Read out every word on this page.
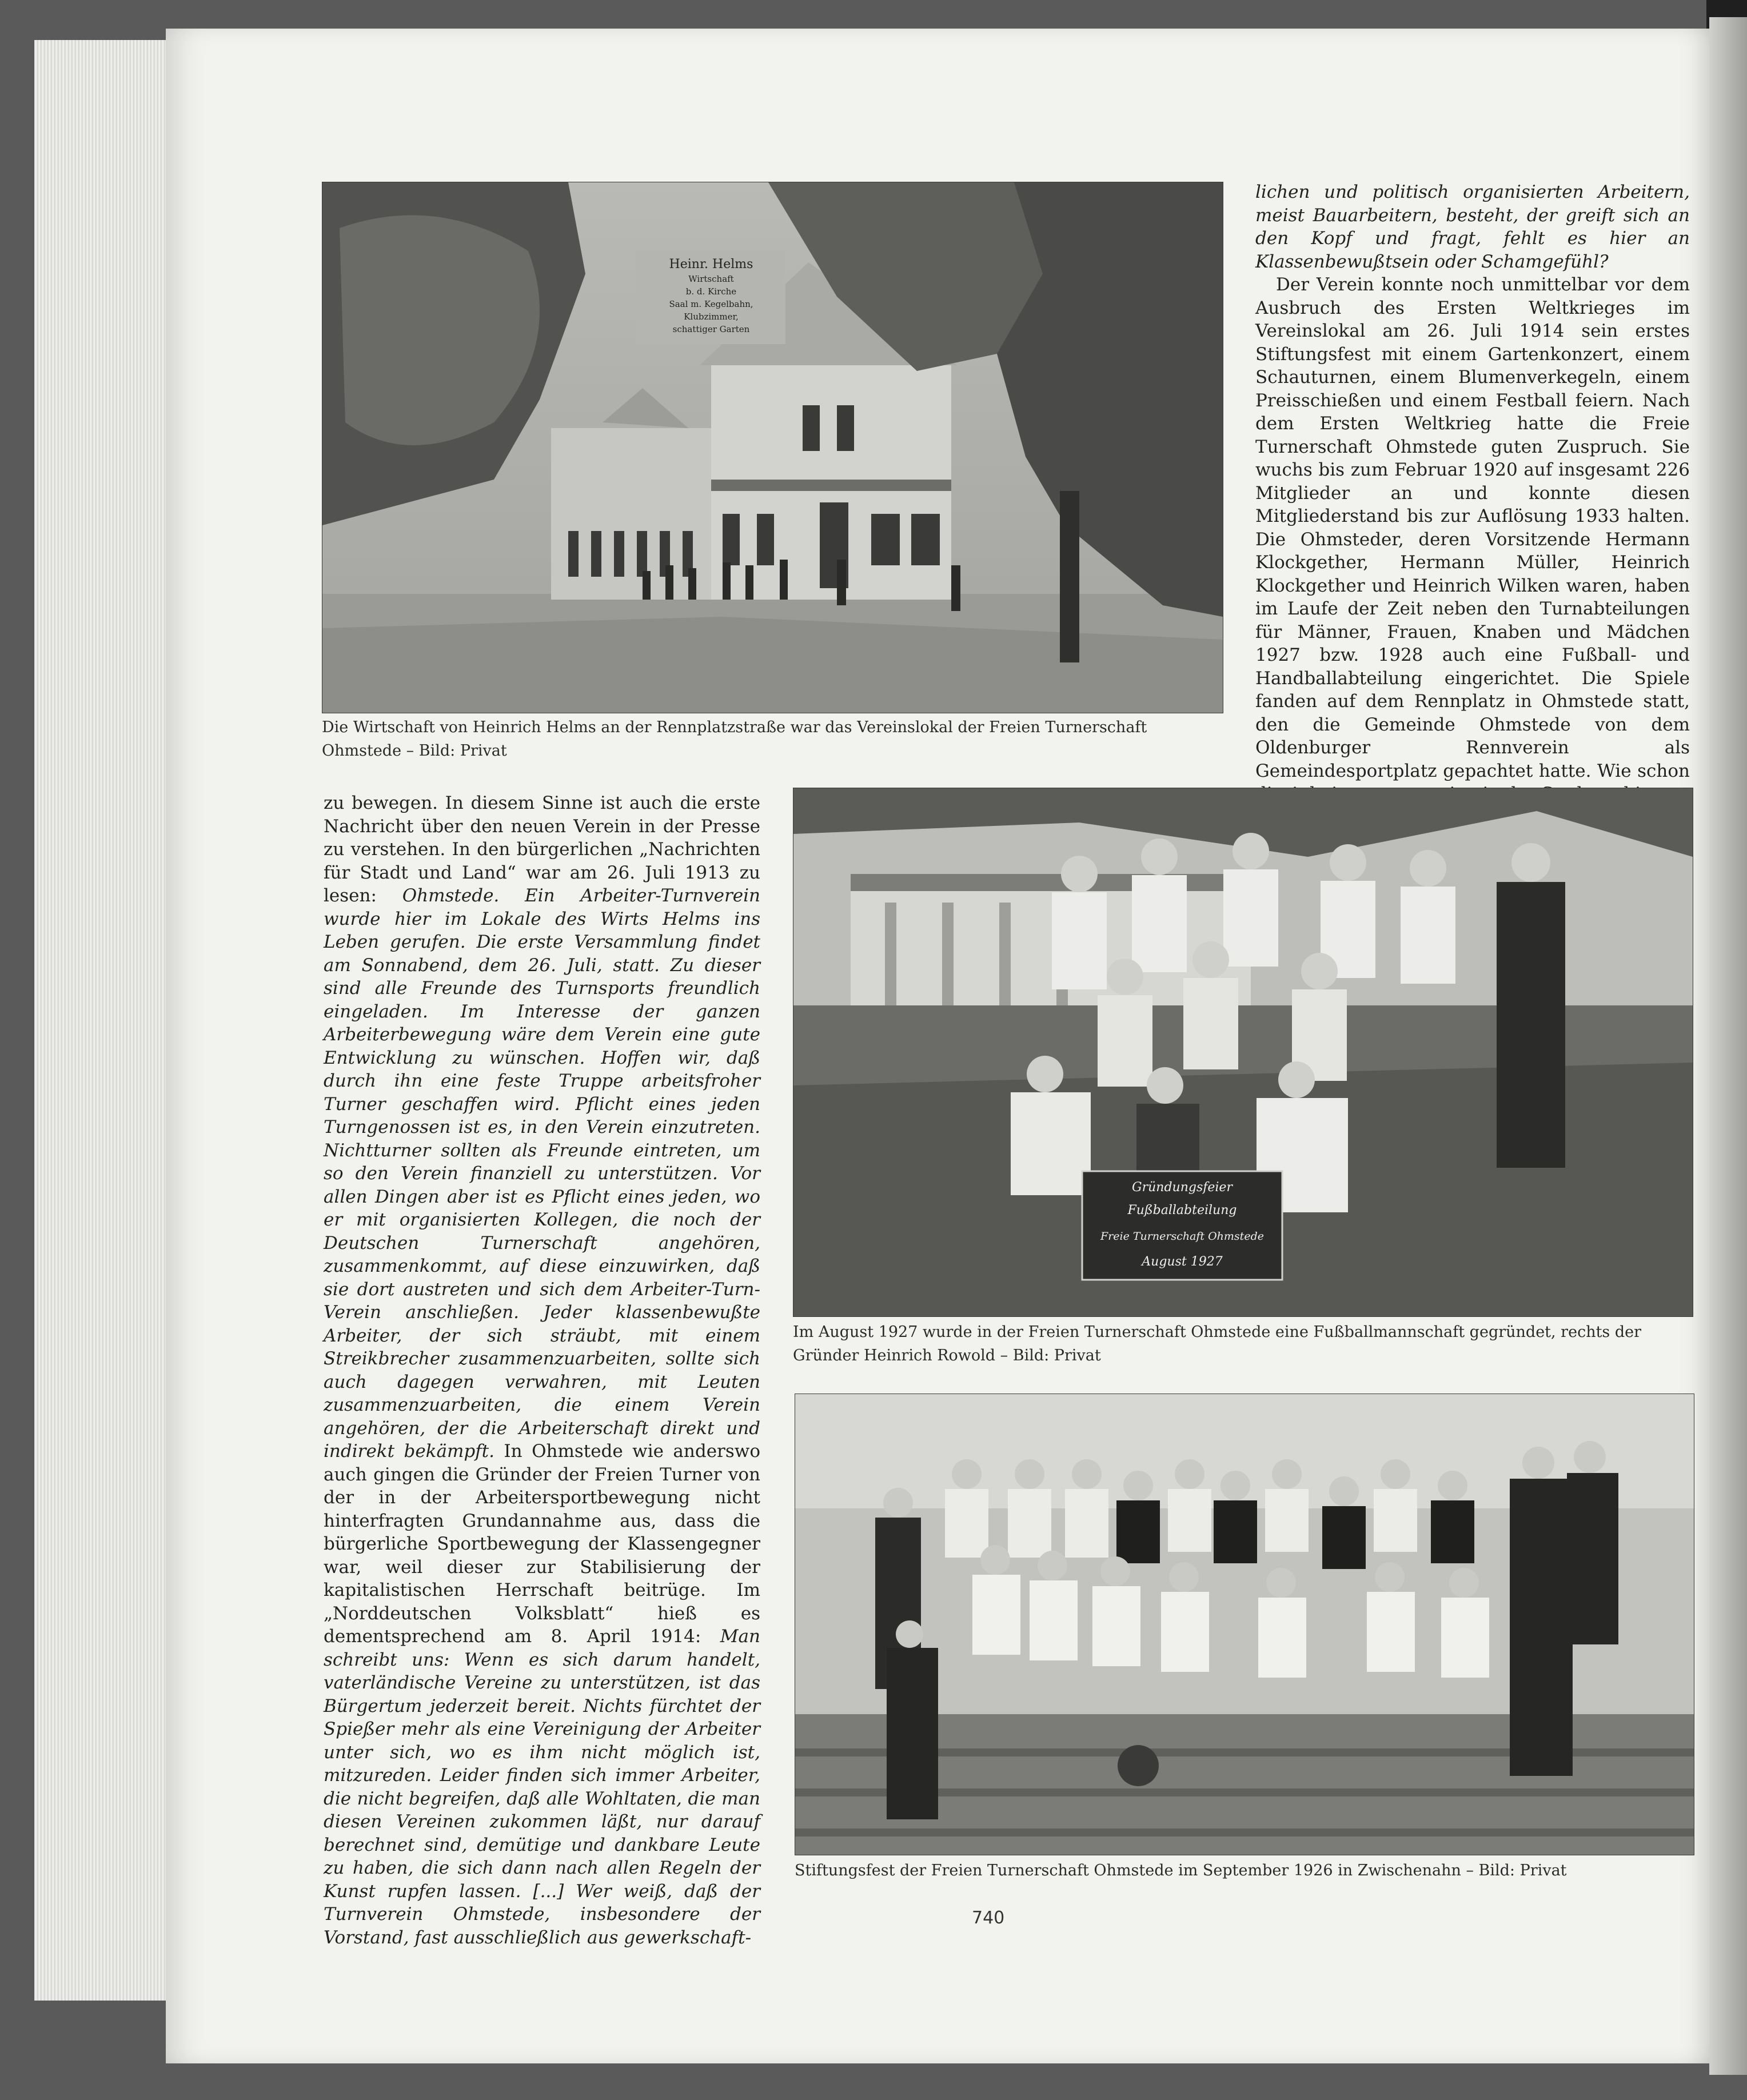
Heinr. Helms
Wirtschaft
b. d. Kirche
Saal m. Kegelbahn,
Klubzimmer,
schattiger Garten

Die Wirtschaft von Heinrich Helms an der Rennplatzstraße war das Vereinslokal der Freien Turnerschaft Ohmstede – Bild: Privat

lichen und politisch organisierten Arbeitern, meist Bauarbeitern, besteht, der greift sich an den Kopf und fragt, fehlt es hier an Klassenbewußtsein oder Schamgefühl?

Der Verein konnte noch unmittelbar vor dem Ausbruch des Ersten Weltkrieges im Vereinslokal am 26. Juli 1914 sein erstes Stiftungsfest mit einem Gartenkonzert, einem Schauturnen, einem Blumenverkegeln, einem Preisschießen und einem Festball feiern. Nach dem Ersten Weltkrieg hatte die Freie Turnerschaft Ohmstede guten Zuspruch. Sie wuchs bis zum Februar 1920 auf insgesamt 226 Mitglieder an und konnte diesen Mitgliederstand bis zur Auflösung 1933 halten. Die Ohmsteder, deren Vorsitzende Hermann Klockgether, Hermann Müller, Heinrich Klockgether und Heinrich Wilken waren, haben im Laufe der Zeit neben den Turnabteilungen für Männer, Frauen, Knaben und Mädchen 1927 bzw. 1928 auch eine Fußball- und Handballabteilung eingerichtet. Die Spiele fanden auf dem Rennplatz in Ohmstede statt, den die Gemeinde Ohmstede von dem Oldenburger Rennverein als Gemeindesportplatz gepachtet hatte. Wie schon

Gründungsfeier
Fußballabteilung
Freie Turnerschaft Ohmstede
August 1927

Im August 1927 wurde in der Freien Turnerschaft Ohmstede eine Fußballmannschaft gegründet, rechts der Gründer Heinrich Rowold – Bild: Privat

Stiftungsfest der Freien Turnerschaft Ohmstede im September 1926 in Zwischenahn – Bild: Privat

zu bewegen. In diesem Sinne ist auch die erste Nachricht über den neuen Verein in der Presse zu verstehen. In den bürgerlichen „Nachrichten für Stadt und Land“ war am 26. Juli 1913 zu lesen: Ohmstede. Ein Arbeiter-Turnverein wurde hier im Lokale des Wirts Helms ins Leben gerufen. Die erste Versammlung findet am Sonnabend, dem 26. Juli, statt. Zu dieser sind alle Freunde des Turnsports freundlich eingeladen. Im Interesse der ganzen Arbeiterbewegung wäre dem Verein eine gute Entwicklung zu wünschen. Hoffen wir, daß durch ihn eine feste Truppe arbeitsfroher Turner geschaffen wird. Pflicht eines jeden Turngenossen ist es, in den Verein einzutreten. Nichtturner sollten als Freunde eintreten, um so den Verein finanziell zu unterstützen. Vor allen Dingen aber ist es Pflicht eines jeden, wo er mit organisierten Kollegen, die noch der Deutschen Turnerschaft angehören, zusammenkommt, auf diese einzuwirken, daß sie dort austreten und sich dem Arbeiter-Turn-Verein anschließen. Jeder klassenbewußte Arbeiter, der sich sträubt, mit einem Streikbrecher zusammenzuarbeiten, sollte sich auch dagegen verwahren, mit Leuten zusammenzuarbeiten, die einem Verein angehören, der die Arbeiterschaft direkt und indirekt bekämpft. In Ohmstede wie anderswo auch gingen die Gründer der Freien Turner von der in der Arbeitersportbewegung nicht hinterfragten Grundannahme aus, dass die bürgerliche Sportbewegung der Klassengegner war, weil dieser zur Stabilisierung der kapitalistischen Herrschaft beitrüge. Im „Norddeutschen Volksblatt“ hieß es dementsprechend am 8. April 1914: Man schreibt uns: Wenn es sich darum handelt, vaterländische Vereine zu unterstützen, ist das Bürgertum jederzeit bereit. Nichts fürchtet der Spießer mehr als eine Vereinigung der Arbeiter unter sich, wo es ihm nicht möglich ist, mitzureden. Leider finden sich immer Arbeiter, die nicht begreifen, daß alle Wohltaten, die man diesen Vereinen zukommen läßt, nur darauf berechnet sind, demütige und dankbare Leute zu haben, die sich dann nach allen Regeln der Kunst rupfen lassen. [...] Wer weiß, daß der Turnverein Ohmstede, insbesondere der Vorstand, fast ausschließlich aus gewerkschaft-

740
